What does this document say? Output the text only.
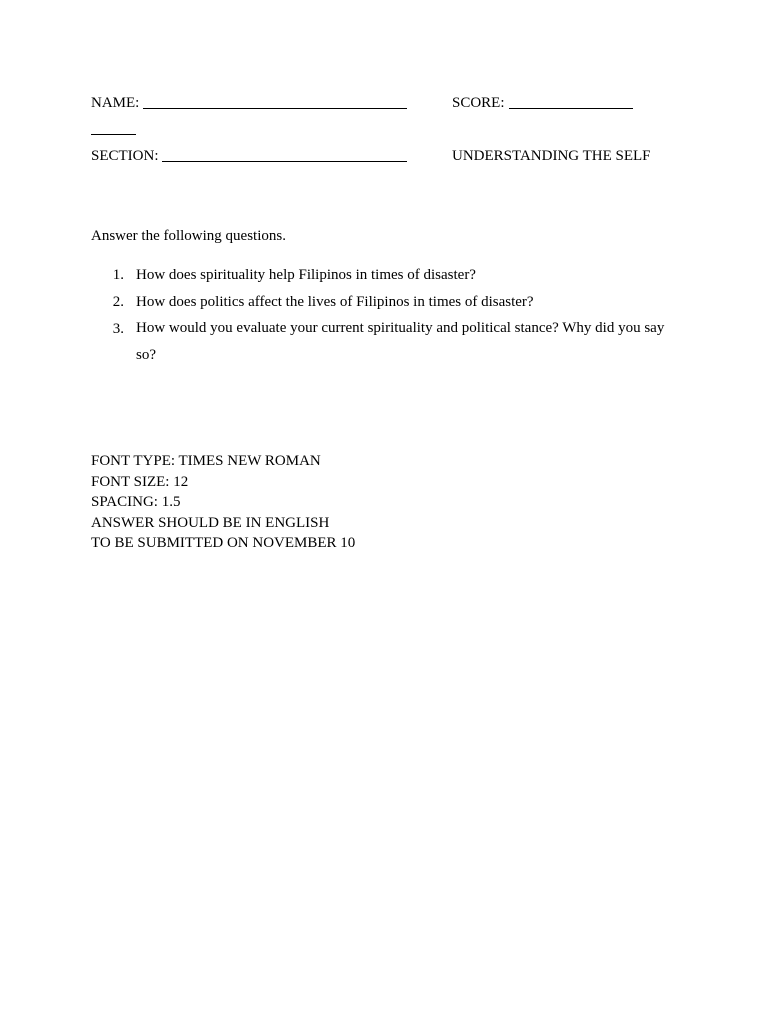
NAME:	SCORE:
SECTION:	UNDERSTANDING THE SELF
Answer the following questions.
1. How does spirituality help Filipinos in times of disaster?
2. How does politics affect the lives of Filipinos in times of disaster?
3. How would you evaluate your current spirituality and political stance? Why did you say so?
FONT TYPE: TIMES NEW ROMAN
FONT SIZE: 12
SPACING: 1.5
ANSWER SHOULD BE IN ENGLISH
TO BE SUBMITTED ON NOVEMBER 10
